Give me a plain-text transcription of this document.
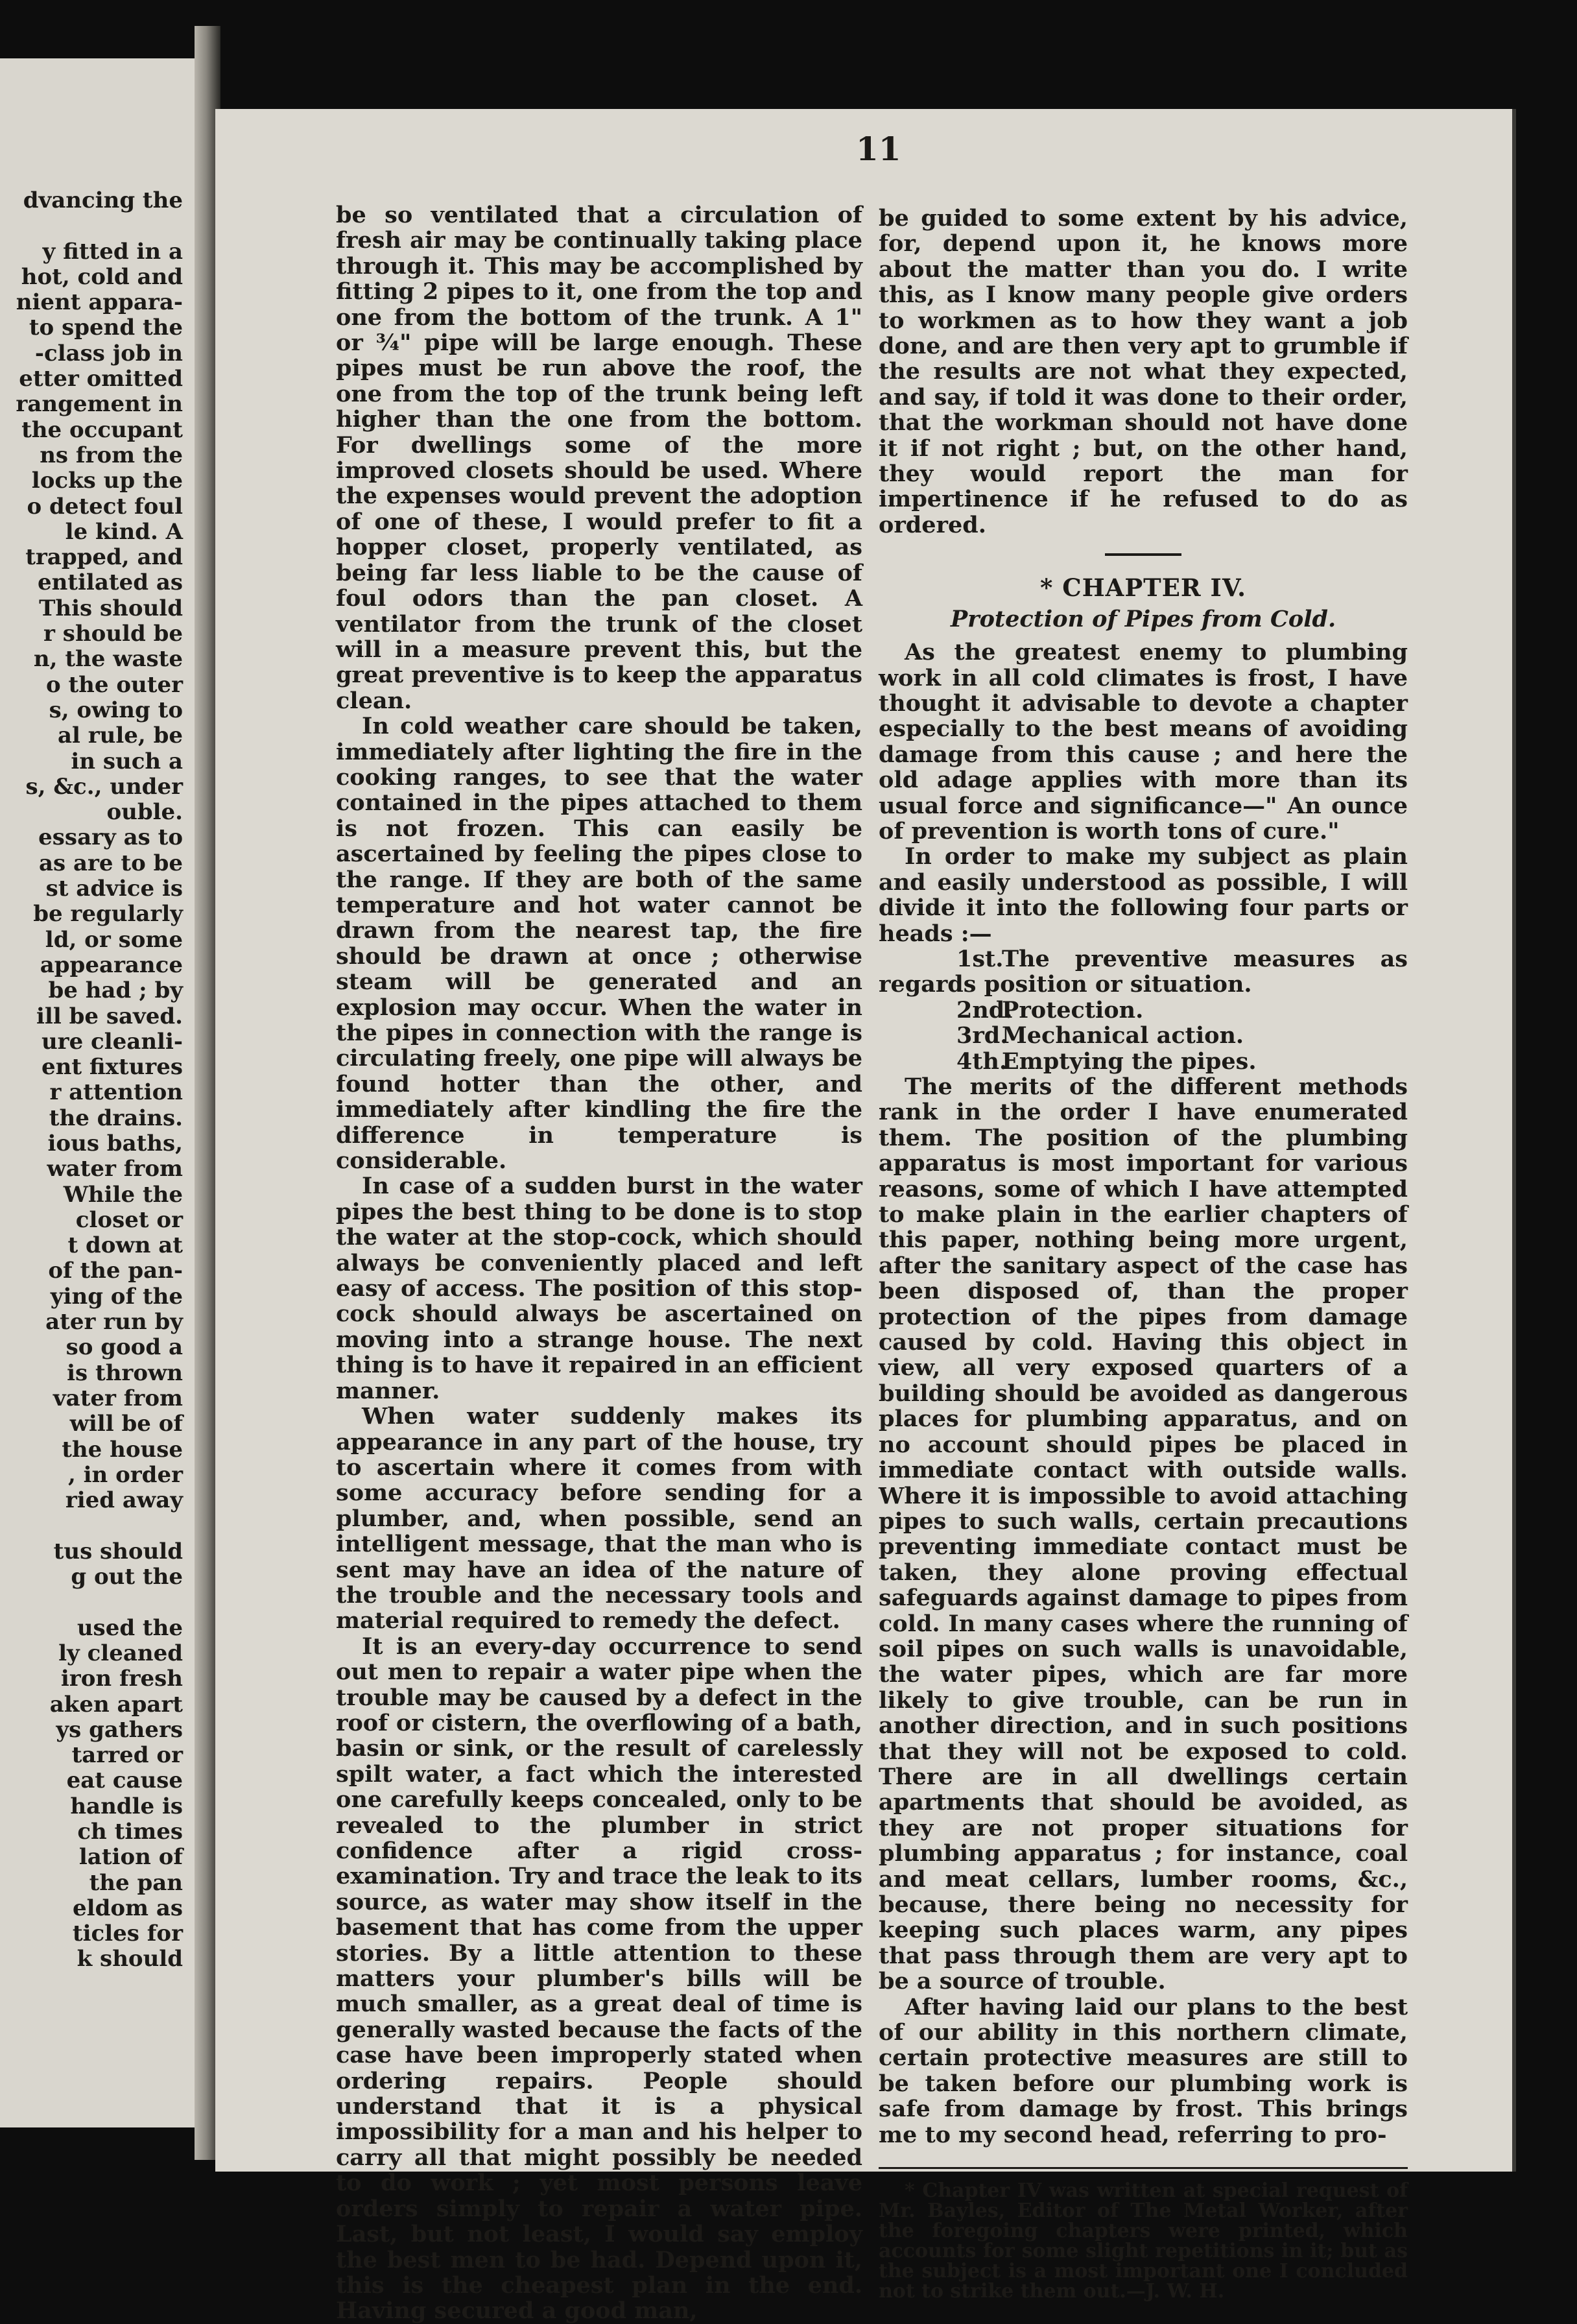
dvancing the

y fitted in a
hot, cold and
nient appara-
to spend the
-class job in
etter omitted
rangement in
the occupant
ns from the
locks up the
o detect foul
le kind. A
trapped, and
entilated as
This should
r should be
n, the waste
o the outer
s, owing to
al rule, be
in such a
s, &c., under
ouble.
essary as to
as are to be
st advice is
be regularly
ld, or some
appearance
be had ; by
ill be saved.
ure cleanli-
ent fixtures
r attention
the drains.
ious baths,
water from
While the
closet or
t down at
of the pan-
ying of the
ater run by
so good a
is thrown
vater from
will be of
the house
, in order
ried away

tus should
g out the

used the
ly cleaned
iron fresh
aken apart
ys gathers
tarred or
eat cause
handle is
ch times
lation of
the pan
eldom as
ticles for
k should
11

be so ventilated that a circulation of fresh air may be continually taking place through it. This may be accomplished by fitting 2 pipes to it, one from the top and one from the bottom of the trunk. A 1" or ¾" pipe will be large enough. These pipes must be run above the roof, the one from the top of the trunk being left higher than the one from the bottom. For dwellings some of the more improved closets should be used. Where the expenses would prevent the adoption of one of these, I would prefer to fit a hopper closet, properly ventilated, as being far less liable to be the cause of foul odors than the pan closet. A ventilator from the trunk of the closet will in a measure prevent this, but the great preventive is to keep the apparatus clean.

In cold weather care should be taken, immediately after lighting the fire in the cooking ranges, to see that the water contained in the pipes attached to them is not frozen. This can easily be ascertained by feeling the pipes close to the range. If they are both of the same temperature and hot water cannot be drawn from the nearest tap, the fire should be drawn at once ; otherwise steam will be generated and an explosion may occur. When the water in the pipes in connection with the range is circulating freely, one pipe will always be found hotter than the other, and immediately after kindling the fire the difference in temperature is considerable.

In case of a sudden burst in the water pipes the best thing to be done is to stop the water at the stop-cock, which should always be conveniently placed and left easy of access. The position of this stop-cock should always be ascertained on moving into a strange house. The next thing is to have it repaired in an efficient manner.

When water suddenly makes its appearance in any part of the house, try to ascertain where it comes from with some accuracy before sending for a plumber, and, when possible, send an intelligent message, that the man who is sent may have an idea of the nature of the trouble and the necessary tools and material required to remedy the defect.

It is an every-day occurrence to send out men to repair a water pipe when the trouble may be caused by a defect in the roof or cistern, the overflowing of a bath, basin or sink, or the result of carelessly spilt water, a fact which the interested one carefully keeps concealed, only to be revealed to the plumber in strict confidence after a rigid cross-examination. Try and trace the leak to its source, as water may show itself in the basement that has come from the upper stories. By a little attention to these matters your plumber's bills will be much smaller, as a great deal of time is generally wasted because the facts of the case have been improperly stated when ordering repairs. People should understand that it is a physical impossibility for a man and his helper to carry all that might possibly be needed to do work ; yet most persons leave orders simply to repair a water pipe. Last, but not least, I would say employ the best men to be had. Depend upon it, this is the cheapest plan in the end. Having secured a good man,

be guided to some extent by his advice, for, depend upon it, he knows more about the matter than you do. I write this, as I know many people give orders to workmen as to how they want a job done, and are then very apt to grumble if the results are not what they expected, and say, if told it was done to their order, that the workman should not have done it if not right ; but, on the other hand, they would report the man for impertinence if he refused to do as ordered.

* CHAPTER IV.
Protection of Pipes from Cold.

As the greatest enemy to plumbing work in all cold climates is frost, I have thought it advisable to devote a chapter especially to the best means of avoiding damage from this cause ; and here the old adage applies with more than its usual force and significance—" An ounce of prevention is worth tons of cure."

In order to make my subject as plain and easily understood as possible, I will divide it into the following four parts or heads :—

1st.The preventive measures as regards position or situation.

2nd.Protection.

3rd.Mechanical action.

4th.Emptying the pipes.

The merits of the different methods rank in the order I have enumerated them. The position of the plumbing apparatus is most important for various reasons, some of which I have attempted to make plain in the earlier chapters of this paper, nothing being more urgent, after the sanitary aspect of the case has been disposed of, than the proper protection of the pipes from damage caused by cold. Having this object in view, all very exposed quarters of a building should be avoided as dangerous places for plumbing apparatus, and on no account should pipes be placed in immediate contact with outside walls. Where it is impossible to avoid attaching pipes to such walls, certain precautions preventing immediate contact must be taken, they alone proving effectual safeguards against damage to pipes from cold. In many cases where the running of soil pipes on such walls is unavoidable, the water pipes, which are far more likely to give trouble, can be run in another direction, and in such positions that they will not be exposed to cold. There are in all dwellings certain apartments that should be avoided, as they are not proper situations for plumbing apparatus ; for instance, coal and meat cellars, lumber rooms, &c., because, there being no necessity for keeping such places warm, any pipes that pass through them are very apt to be a source of trouble.

After having laid our plans to the best of our ability in this northern climate, certain protective measures are still to be taken before our plumbing work is safe from damage by frost. This brings me to my second head, referring to pro-

* Chapter IV was written at special request of Mr. Bayles, Editor of The Metal Worker, after the foregoing chapters were printed, which accounts for some slight repetitions in it; but as the subject is a most important one I concluded not to strike them out.—J. W. H.
